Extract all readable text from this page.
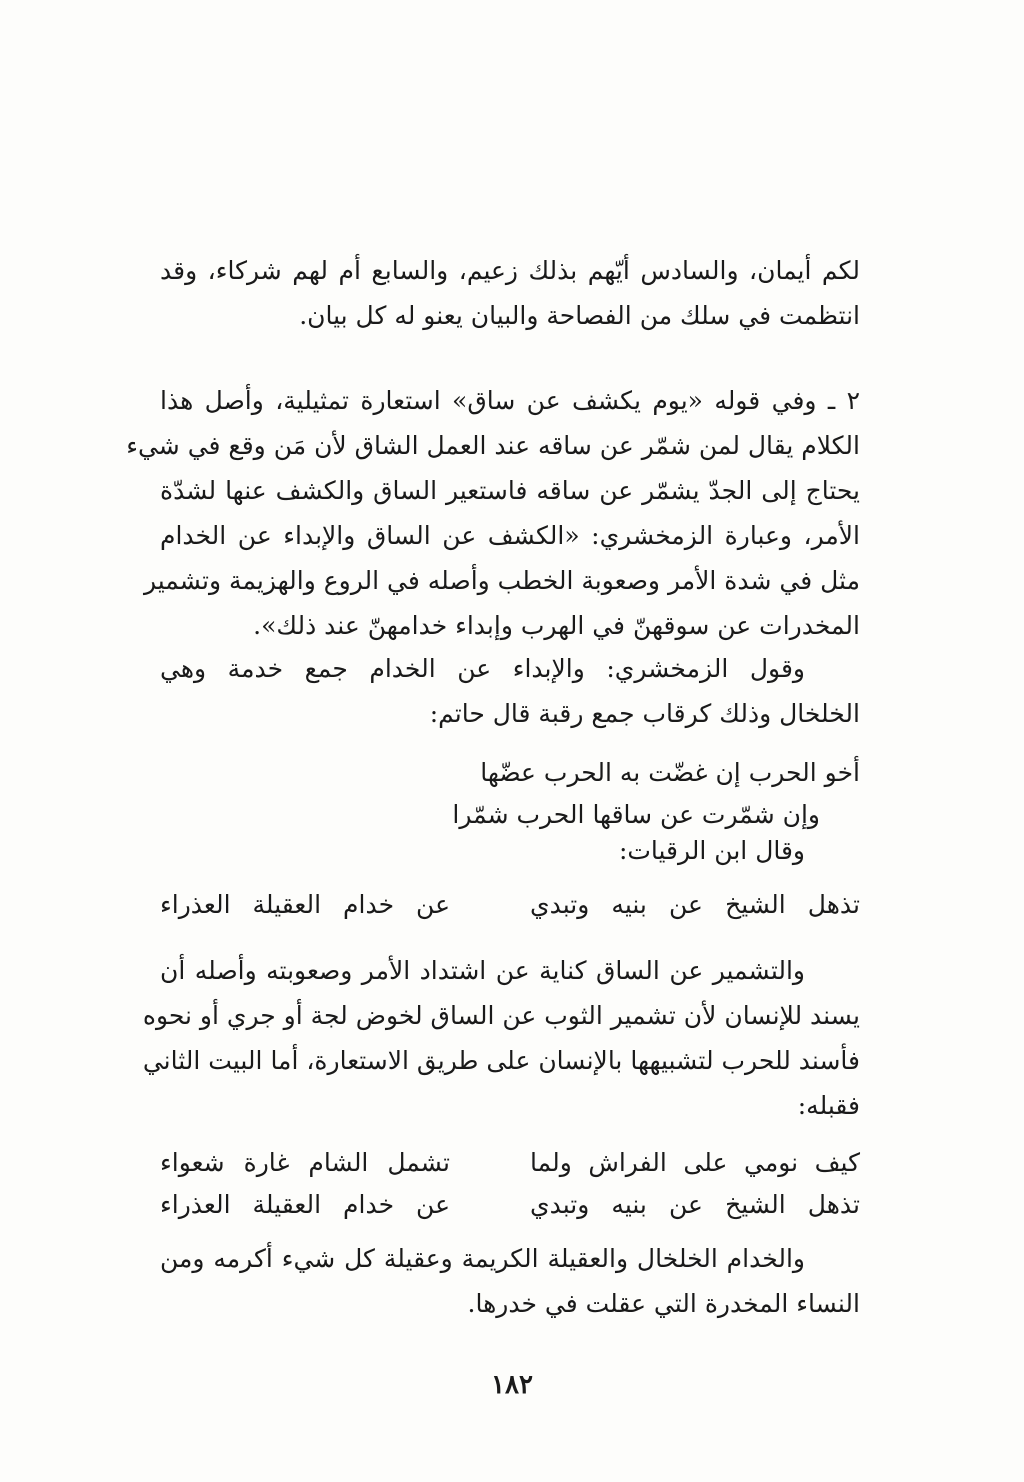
لكم أيمان، والسادس أيّهم بذلك زعيم، والسابع أم لهم شركاء، وقد
انتظمت في سلك من الفصاحة والبيان يعنو له كل بيان.

٢ ـ وفي قوله «يوم يكشف عن ساق» استعارة تمثيلية، وأصل هذا
الكلام يقال لمن شمّر عن ساقه عند العمل الشاق لأن مَن وقع في شيء
يحتاج إلى الجدّ يشمّر عن ساقه فاستعير الساق والكشف عنها لشدّة
الأمر، وعبارة الزمخشري: «الكشف عن الساق والإبداء عن الخدام
مثل في شدة الأمر وصعوبة الخطب وأصله في الروع والهزيمة وتشمير
المخدرات عن سوقهنّ في الهرب وإبداء خدامهنّ عند ذلك».

وقول الزمخشري: والإبداء عن الخدام جمع خدمة وهي
الخلخال وذلك كرقاب جمع رقبة قال حاتم:

أخو الحرب إن غضّت به الحرب عضّها
وإن شمّرت عن ساقها الحرب شمّرا

وقال ابن الرقيات:

تذهل الشيخ عن بنيه وتبدي
عن خدام العقيلة العذراء

والتشمير عن الساق كناية عن اشتداد الأمر وصعوبته وأصله أن
يسند للإنسان لأن تشمير الثوب عن الساق لخوض لجة أو جري أو نحوه
فأسند للحرب لتشبيهها بالإنسان على طريق الاستعارة، أما البيت الثاني
فقبله:

كيف نومي على الفراش ولما
تشمل الشام غارة شعواء
تذهل الشيخ عن بنيه وتبدي
عن خدام العقيلة العذراء

والخدام الخلخال والعقيلة الكريمة وعقيلة كل شيء أكرمه ومن
النساء المخدرة التي عقلت في خدرها.

١٨٢
